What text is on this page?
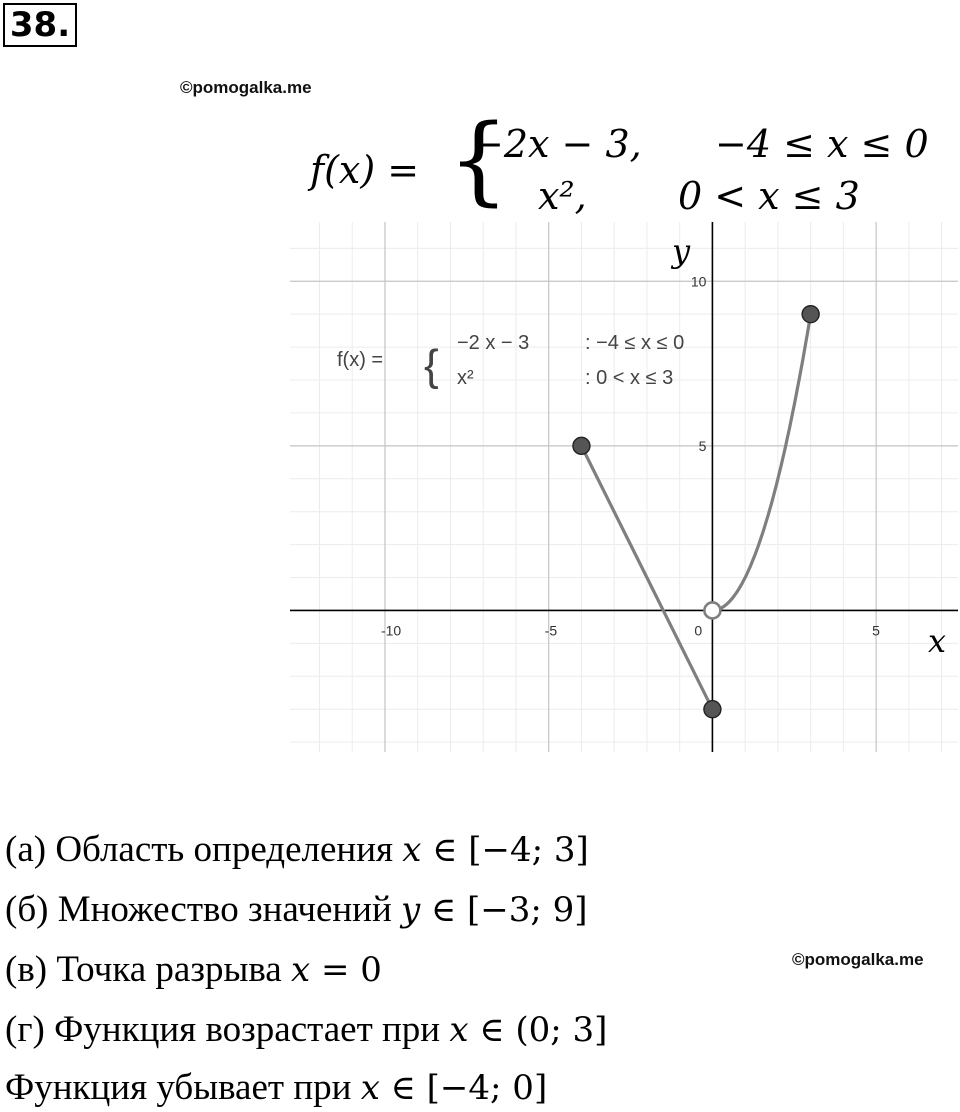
38.
©pomogalka.me
f(x) = {
−2x − 3, −4 ≤ x ≤ 0
x², 0 < x ≤ 3
-10	-5	0	5
5
10
x
y
f(x) = { −2 x − 3	: −4 ≤ x ≤ 0
x²	: 0 < x ≤ 3
(а) Область определения x ∈ [−4; 3]
(б) Множество значений y ∈ [−3; 9]
(в) Точка разрыва x = 0
(г) Функция возрастает при x ∈ (0; 3]
Функция убывает при x ∈ [−4; 0]
©pomogalka.me
